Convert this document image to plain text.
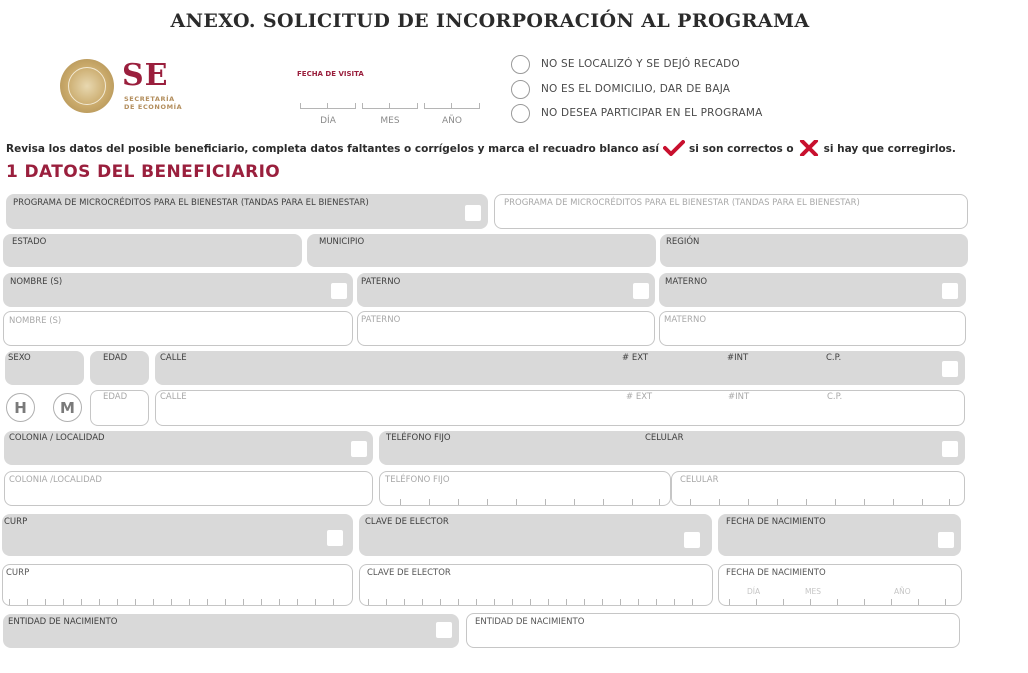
ANEXO. SOLICITUD DE INCORPORACIÓN AL PROGRAMA
SE
SECRETARÍA
DE ECONOMÍA
FECHA DE VISITA
DÍA	MES	AÑO
NO SE LOCALIZÓ Y SE DEJÓ RECADO
NO ES EL DOMICILIO, DAR DE BAJA
NO DESEA PARTICIPAR EN EL PROGRAMA
Revisa los datos del posible beneficiario, completa datos faltantes o corrígelos y marca el recuadro blanco así	si son correctos o	si hay que corregirlos.
1 DATOS DEL BENEFICIARIO
PROGRAMA DE MICROCRÉDITOS PARA EL BIENESTAR (TANDAS PARA EL BIENESTAR)	PROGRAMA DE MICROCRÉDITOS PARA EL BIENESTAR (TANDAS PARA EL BIENESTAR)
ESTADO	MUNICIPIO	REGIÓN
NOMBRE (S)	PATERNO	MATERNO
NOMBRE (S)	PATERNO	MATERNO
SEXO	EDAD	CALLE	# EXT	#INT	C.P.
H	M
EDAD	CALLE	# EXT	#INT	C.P.
COLONIA / LOCALIDAD	TELÉFONO FIJO	CELULAR
COLONIA /LOCALIDAD	TELÉFONO FIJO	CELULAR
CURP	CLAVE DE ELECTOR	FECHA DE NACIMIENTO
CURP	CLAVE DE ELECTOR	FECHA DE NACIMIENTO
DÍA	MES	AÑO
ENTIDAD DE NACIMIENTO	ENTIDAD DE NACIMIENTO
